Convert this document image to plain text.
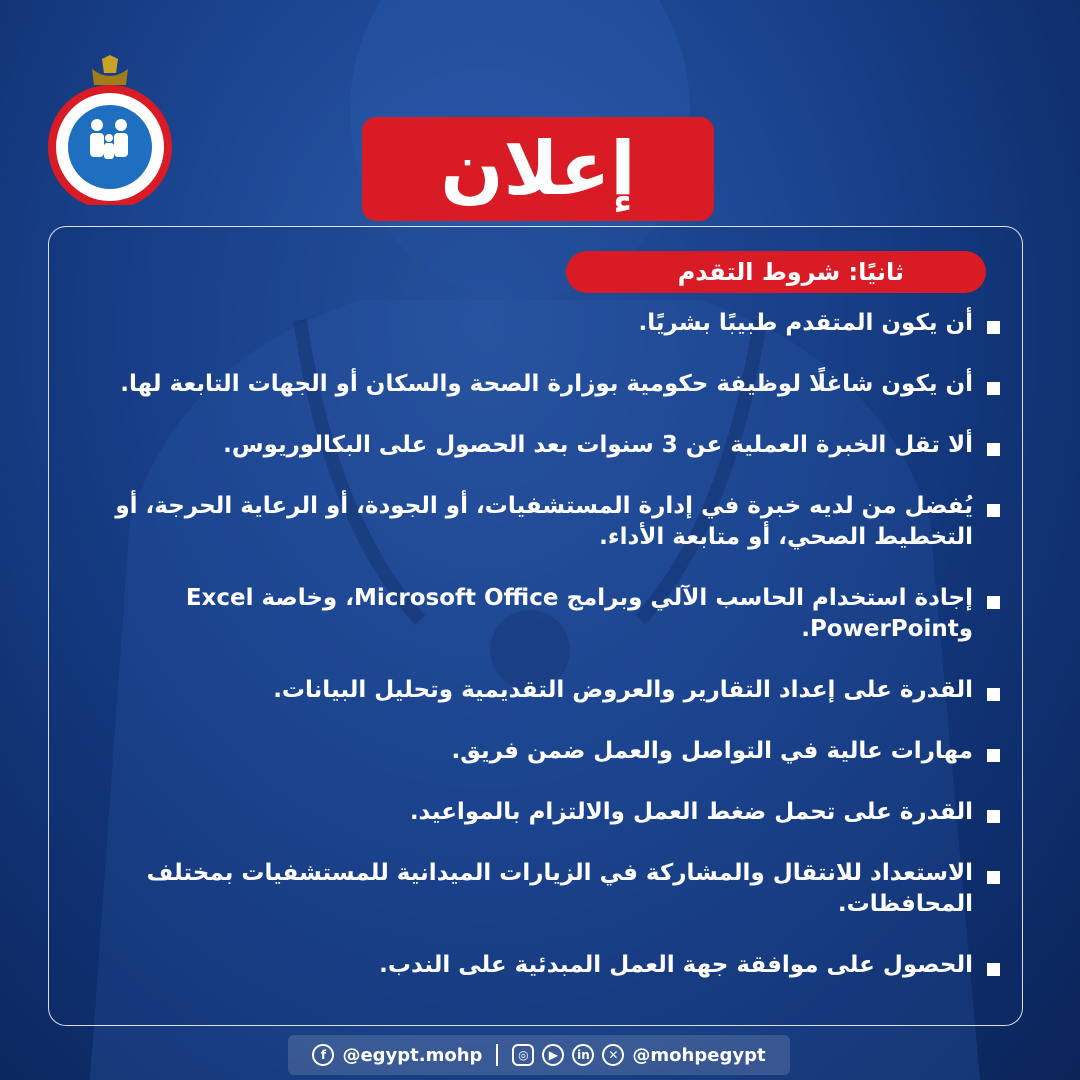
إعلان
ثانيًا: شروط التقدم
أن يكون المتقدم طبيبًا بشريًا.
أن يكون شاغلًا لوظيفة حكومية بوزارة الصحة والسكان أو الجهات التابعة لها.
ألا تقل الخبرة العملية عن 3 سنوات بعد الحصول على البكالوريوس.
يُفضل من لديه خبرة في إدارة المستشفيات، أو الجودة، أو الرعاية الحرجة، أو التخطيط الصحي، أو متابعة الأداء.
إجادة استخدام الحاسب الآلي وبرامج Microsoft Office، وخاصة Excel وPowerPoint.
القدرة على إعداد التقارير والعروض التقديمية وتحليل البيانات.
مهارات عالية في التواصل والعمل ضمن فريق.
القدرة على تحمل ضغط العمل والالتزام بالمواعيد.
الاستعداد للانتقال والمشاركة في الزيارات الميدانية للمستشفيات بمختلف المحافظات.
الحصول على موافقة جهة العمل المبدئية على الندب.
f @egypt.mohp	◎	▶	in	✕ @mohpegypt
